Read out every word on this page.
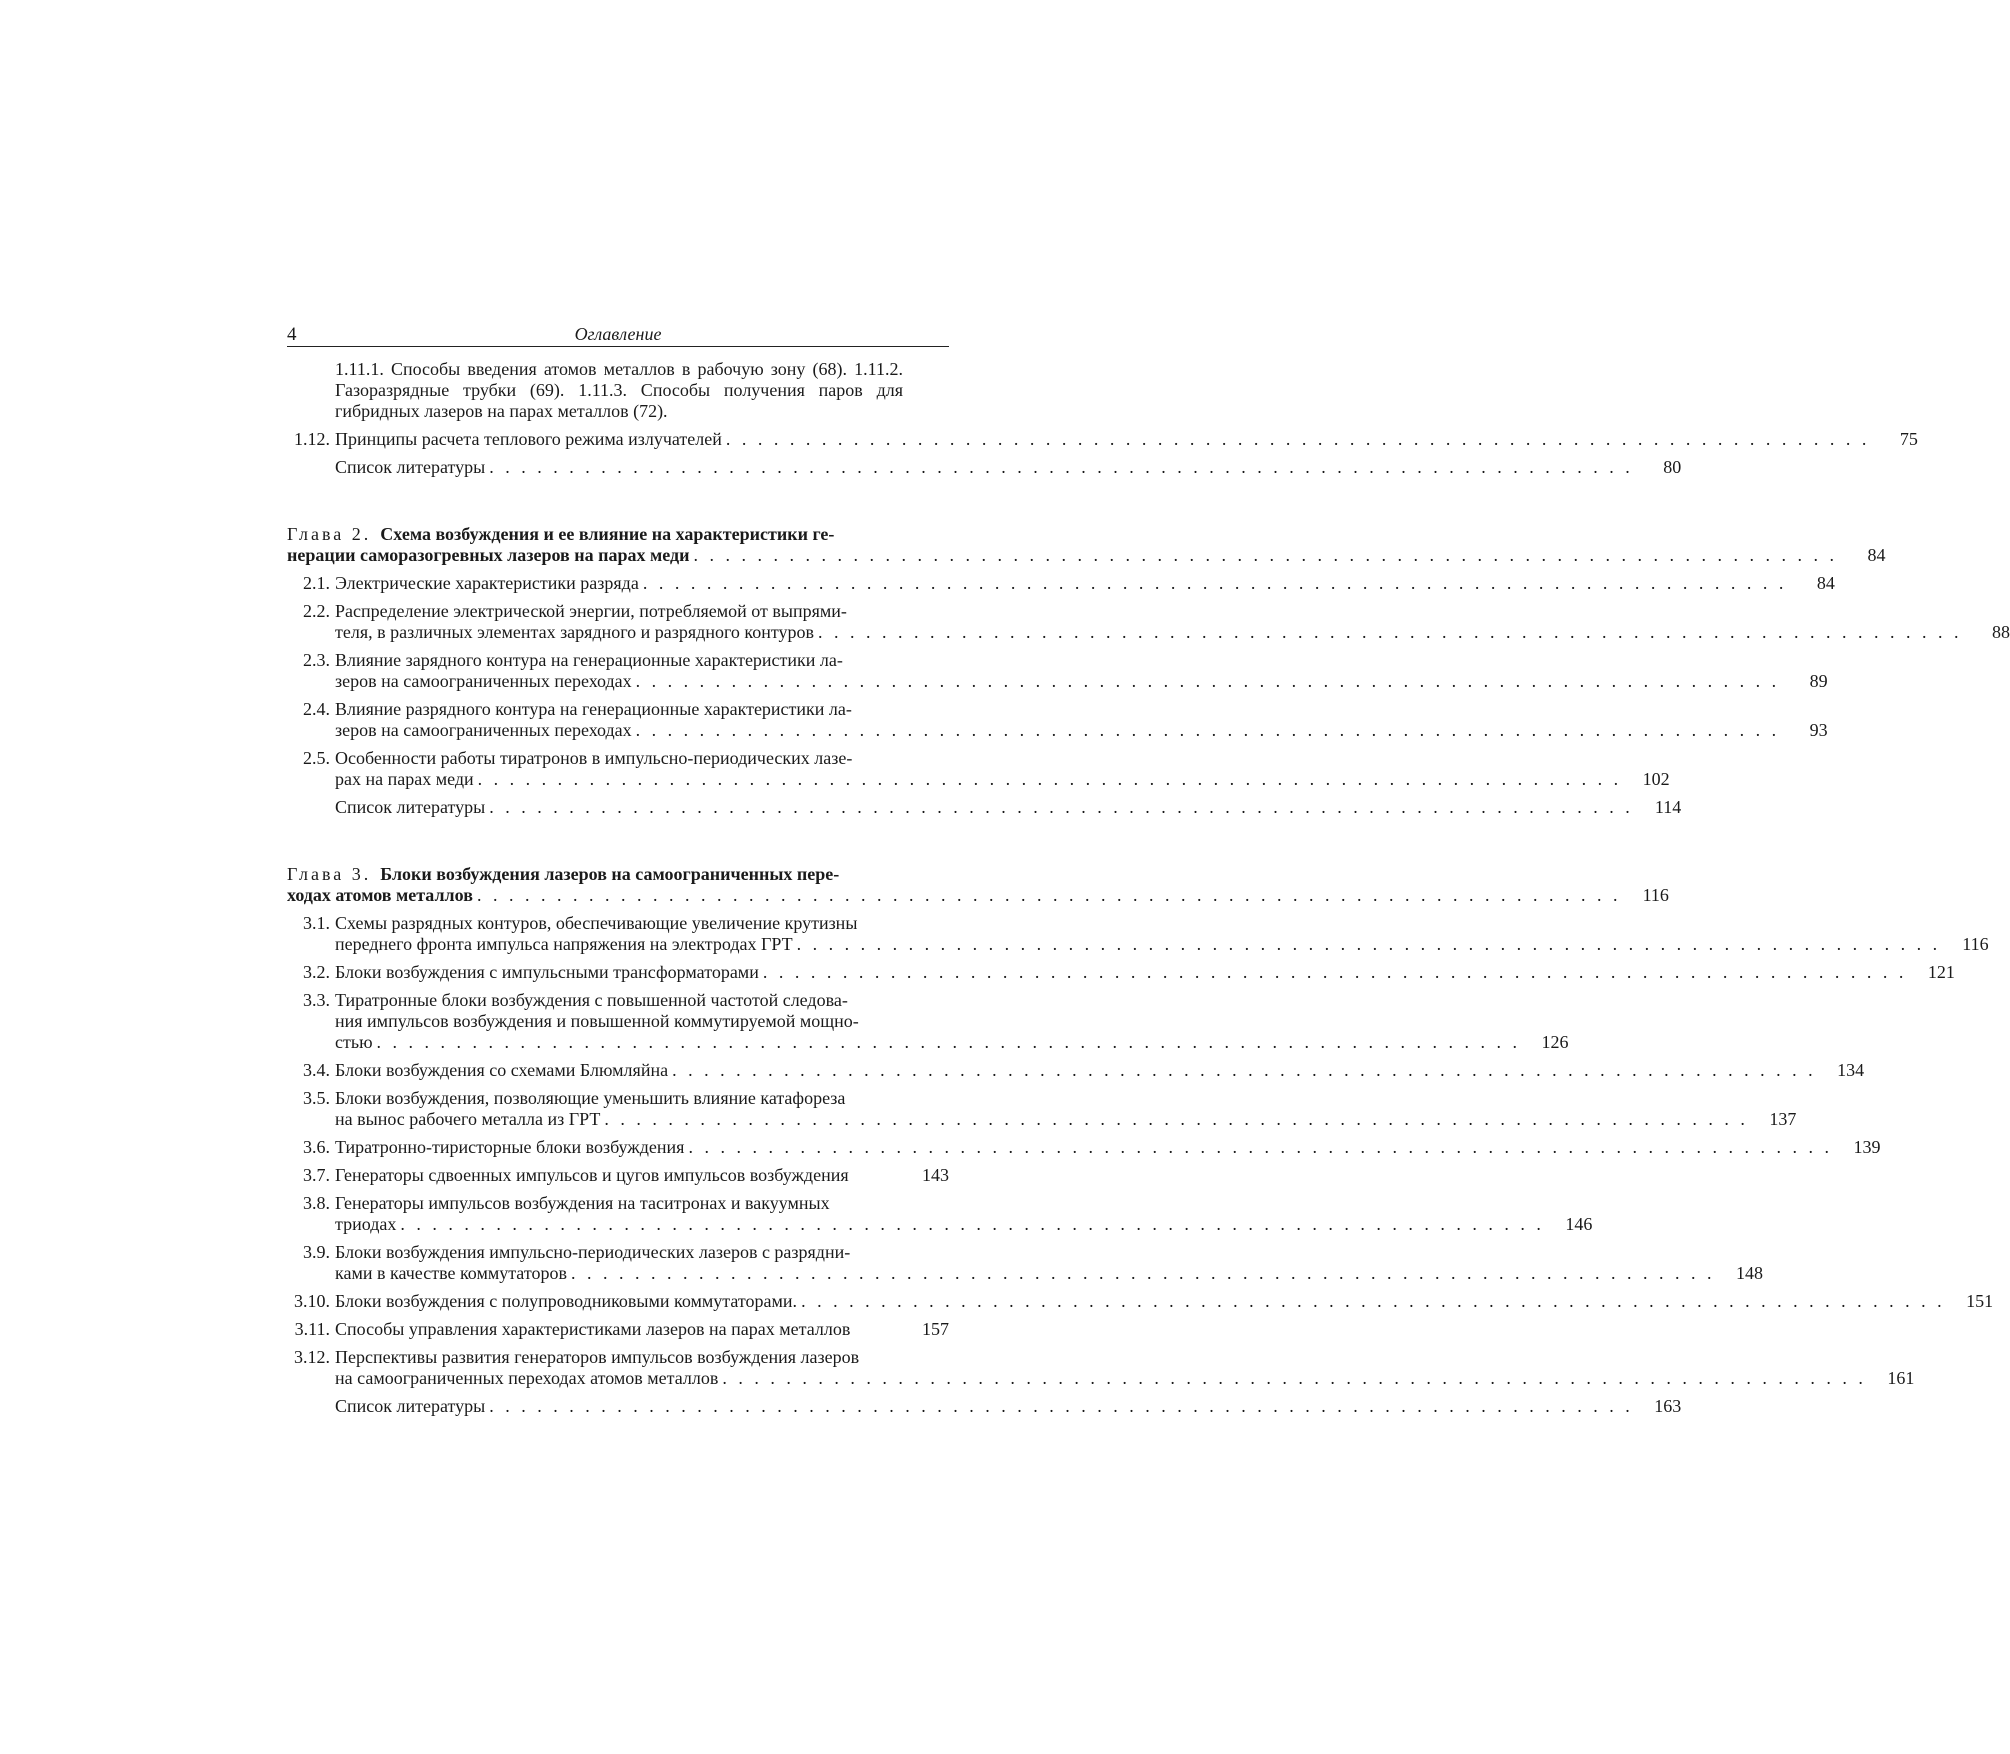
4	Оглавление
1.11.1. Способы введения атомов металлов в рабочую зону (68). 1.11.2. Газоразрядные трубки (69). 1.11.3. Способы получения паров для гибридных лазеров на парах металлов (72).
1.12. Принципы расчета теплового режима излучателей . . .	75
Список литературы . . .	80
Глава 2. Схема возбуждения и ее влияние на характеристики ге-
нерации саморазогревных лазеров на парах меди . . .	84
2.1. Электрические характеристики разряда . . .	84
2.2. Распределение электрической энергии, потребляемой от выпрями-
теля, в различных элементах зарядного и разрядного контуров . . .	88
2.3. Влияние зарядного контура на генерационные характеристики ла-
зеров на самоограниченных переходах . . .	89
2.4. Влияние разрядного контура на генерационные характеристики ла-
зеров на самоограниченных переходах . . .	93
2.5. Особенности работы тиратронов в импульсно-периодических лазе-
рах на парах меди . . .	102
Список литературы . . .	114
Глава 3. Блоки возбуждения лазеров на самоограниченных пере-
ходах атомов металлов . . .	116
3.1. Схемы разрядных контуров, обеспечивающие увеличение крутизны
переднего фронта импульса напряжения на электродах ГРТ . . .	116
3.2. Блоки возбуждения с импульсными трансформаторами . . .	121
3.3. Тиратронные блоки возбуждения с повышенной частотой следова-
ния импульсов возбуждения и повышенной коммутируемой мощно-
стью . . .	126
3.4. Блоки возбуждения со схемами Блюмляйна . . .	134
3.5. Блоки возбуждения, позволяющие уменьшить влияние катафореза
на вынос рабочего металла из ГРТ . . .	137
3.6. Тиратронно-тиристорные блоки возбуждения . . .	139
3.7. Генераторы сдвоенных импульсов и цугов импульсов возбуждения	143
3.8. Генераторы импульсов возбуждения на таситронах и вакуумных
триодах . . .	146
3.9. Блоки возбуждения импульсно-периодических лазеров с разрядни-
ками в качестве коммутаторов . . .	148
3.10. Блоки возбуждения с полупроводниковыми коммутаторами. . . .	151
3.11. Способы управления характеристиками лазеров на парах металлов	157
3.12. Перспективы развития генераторов импульсов возбуждения лазеров
на самоограниченных переходах атомов металлов . . .	161
Список литературы . . .	163
